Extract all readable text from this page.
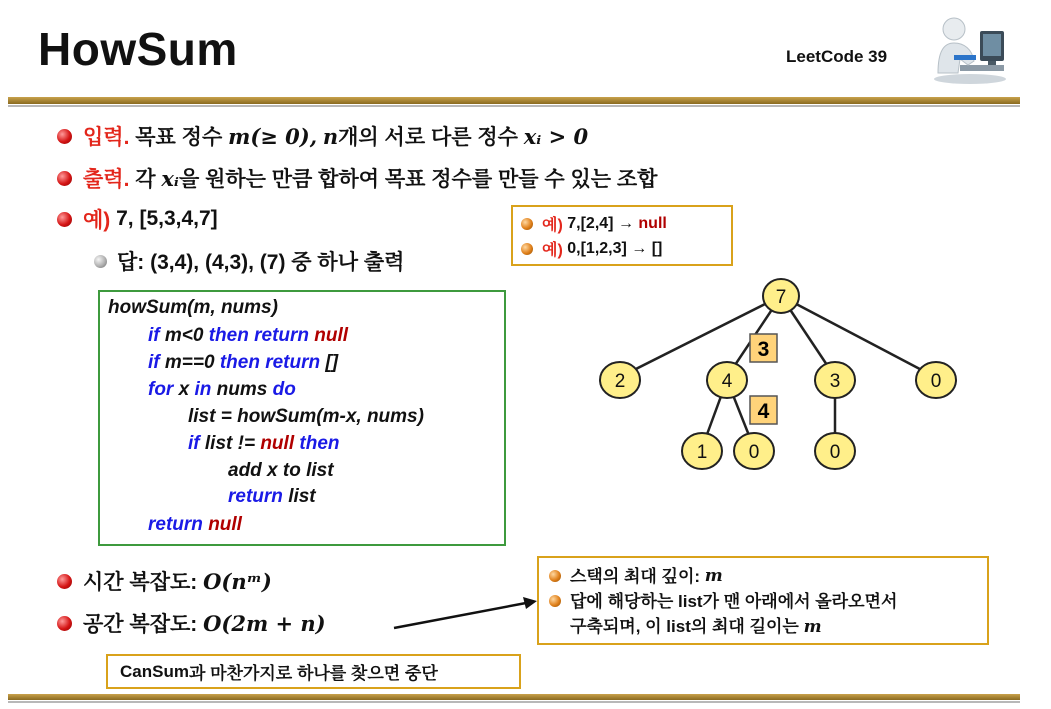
HowSum	LeetCode 39
입력.
목표 정수
m(≥ 0),
n 개의 서로 다른 정수
xᵢ > 0
출력.
각
xᵢ 을 원하는 만큼 합하여 목표 정수를 만들 수 있는 조합
예)
7, [5,3,4,7]
답: (3,4), (4,3), (7) 중 하나 출력
예)
7,[2,4] →
null
예)
0,[1,2,3] → []
howSum(m, nums)
if m<0 then return null
if m==0 then return []
for x in nums do
list = howSum(m-x, nums)
if list != null then
add x to list
return list
return null
3
4
7
2	4	3	0
1 0	0
시간 복잡도:
O(nᵐ)
공간 복잡도:
O(2m + n)
스택의 최대 깊이:
m
답에 해당하는 list가 맨 아래에서 올라오면서
구축되며, 이 list의 최대 길이는 m
CanSum 과 마찬가지로 하나를 찾으면 중단
